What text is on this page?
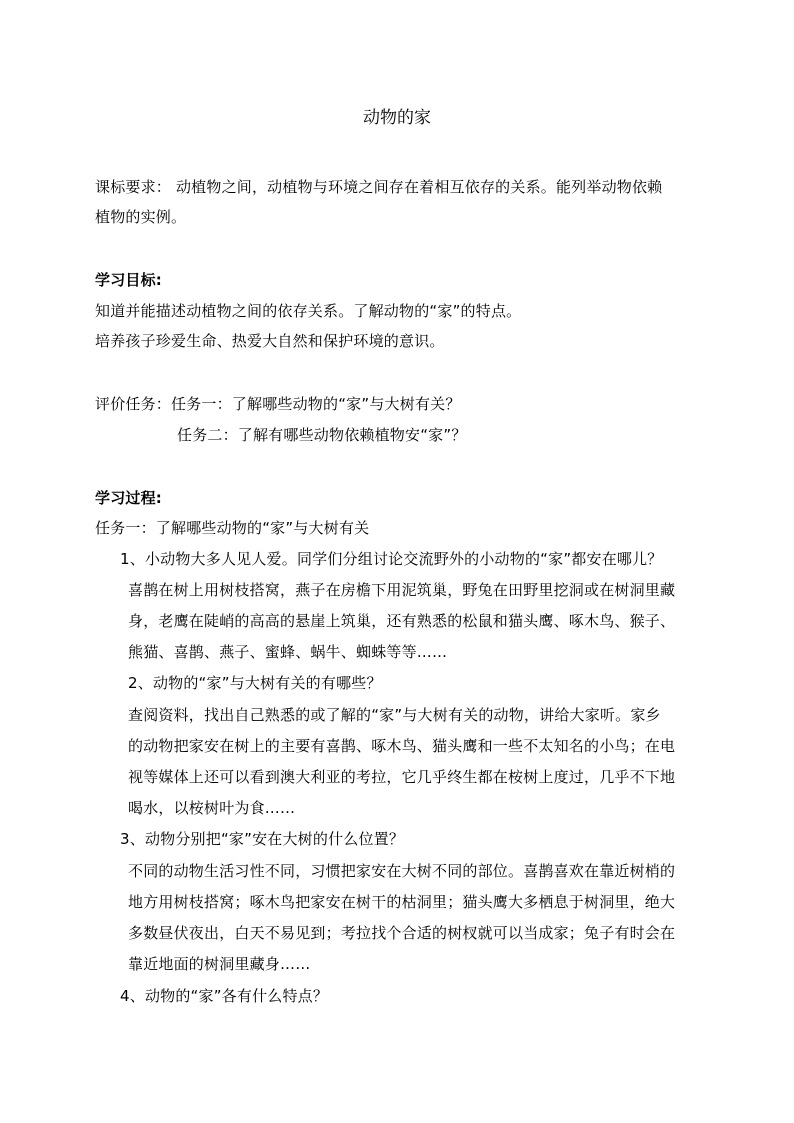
动物的家
课标要求： 动植物之间，动植物与环境之间存在着相互依存的关系。能列举动物依赖
植物的实例。
学习目标:
知道并能描述动植物之间的依存关系。了解动物的“家”的特点。
培养孩子珍爱生命、热爱大自然和保护环境的意识。
评价任务：任务一：了解哪些动物的“家”与大树有关？
任务二：了解有哪些动物依赖植物安“家”？
学习过程:
任务一：了解哪些动物的“家”与大树有关
1、小动物大多人见人爱。同学们分组讨论交流野外的小动物的“家”都安在哪儿？
喜鹊在树上用树枝搭窝，燕子在房檐下用泥筑巢，野兔在田野里挖洞或在树洞里藏
身，老鹰在陡峭的高高的悬崖上筑巢，还有熟悉的松鼠和猫头鹰、啄木鸟、猴子、
熊猫、喜鹊、燕子、蜜蜂、蜗牛、蜘蛛等等……
2、动物的“家”与大树有关的有哪些？
查阅资料，找出自己熟悉的或了解的“家”与大树有关的动物，讲给大家听。家乡
的动物把家安在树上的主要有喜鹊、啄木鸟、猫头鹰和一些不太知名的小鸟；在电
视等媒体上还可以看到澳大利亚的考拉，它几乎终生都在桉树上度过，几乎不下地
喝水，以桉树叶为食……
3、动物分别把“家”安在大树的什么位置？
不同的动物生活习性不同，习惯把家安在大树不同的部位。喜鹊喜欢在靠近树梢的
地方用树枝搭窝；啄木鸟把家安在树干的枯洞里；猫头鹰大多栖息于树洞里，绝大
多数昼伏夜出，白天不易见到；考拉找个合适的树杈就可以当成家；兔子有时会在
靠近地面的树洞里藏身……
4、动物的“家”各有什么特点？
